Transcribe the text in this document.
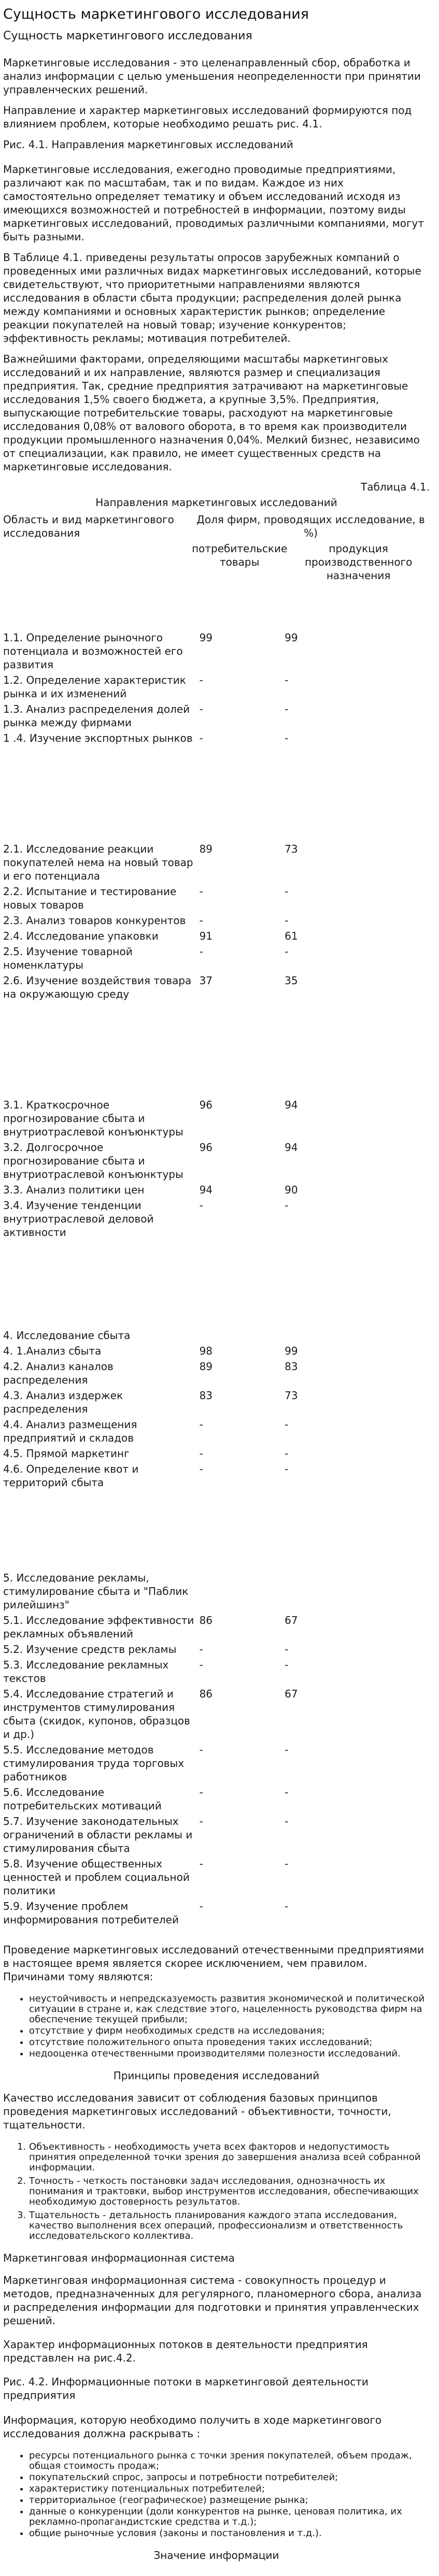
Сущность маркетингового исследования
Сущность маркетингового исследования

Маркетинговые исследования - это целенаправленный сбор, обработка и анализ информации с целью уменьшения неопределенности при принятии управленческих решений.

Направление и характер маркетинговых исследований формируются под влиянием проблем, которые необходимо решать рис. 4.1.

Рис. 4.1. Направления маркетинговых исследований

Маркетинговые исследования, ежегодно проводимые предприятиями, различают как по масштабам, так и по видам. Каждое из них самостоятельно определяет тематику и объем исследований исходя из имеющихся возможностей и потребностей в информации, поэтому виды маркетинговых исследований, проводимых различными компаниями, могут быть разными.

В Таблице 4.1. приведены результаты опросов зарубежных компаний о проведенных ими различных видах маркетинговых исследований, которые свидетельствуют, что приоритетными направлениями являются исследования в области сбыта продукции; распределения долей рынка между компаниями и основных характеристик рынков; определение реакции покупателей на новый товар; изучение конкурентов; эффективность рекламы; мотивация потребителей.

Важнейшими факторами, определяющими масштабы маркетинговых исследований и их направление, являются размер и специализация предприятия. Так, средние предприятия затрачивают на маркетинговые исследования 1,5% своего бюджета, а крупные 3,5%. Предприятия, выпускающие потребительские товары, расходуют на маркетинговые исследования 0,08% от валового оборота, в то время как производители продукции промышленного назначения 0,04%. Мелкий бизнес, независимо от специализации, как правило, не имеет существенных средств на маркетинговые исследования.

Таблица 4.1.
Направления маркетинговых исследований
Область и вид маркетингового исследования	Доля фирм, проводящих исследование, в %)	
	потребительские товары	продукция производственного назначения
1.1. Определение рыночного потенциала и возможностей его развития	99	99
1.2. Определение характеристик рынка и их изменений	-	-
1.3. Анализ распределения долей рынка между фирмами	-	-
1 .4. Изучение экспортных рынков	-	-

2.1. Исследование реакции покупателей нема на новый товар и его потенциала	89	73
2.2. Испытание и тестирование новых товаров	-	-
2.3. Анализ товаров конкурентов	-	-
2.4. Исследование упаковки	91	61
2.5. Изучение товарной номенклатуры	-	-
2.6. Изучение воздействия товара на окружающую среду	37	35

3.1. Краткосрочное прогнозирование сбыта и внутриотраслевой конъюнктуры	96	94
3.2. Долгосрочное прогнозирование сбыта и внутриотраслевой конъюнктуры	96	94
3.3. Анализ политики цен	94	90
3.4. Изучение тенденции внутриотраслевой деловой активности	-	-

4. Исследование сбыта		
4. 1.Анализ сбыта	98	99
4.2. Анализ каналов распределения	89	83
4.3. Анализ издержек распределения	83	73
4.4. Анализ размещения предприятий и складов	-	-
4.5. Прямой маркетинг	-	-
4.6. Определение квот и территорий сбыта	-	-

5. Исследование рекламы, стимулирование сбыта и "Паблик рилейшинз"		
5.1. Исследование эффективности рекламных объявлений	86	67
5.2. Изучение средств рекламы	-	-
5.3. Исследование рекламных текстов	-	-
5.4. Исследование стратегий и инструментов стимулирования сбыта (скидок, купонов, образцов и др.)	86	67
5.5. Исследование методов стимулирования труда торговых работников	-	-
5.6. Исследование потребительских мотиваций	-	-
5.7. Изучение законодательных ограничений в области рекламы и стимулирования сбыта	-	-
5.8. Изучение общественных ценностей и проблем социальной политики	-	-
5.9. Изучение проблем информирования потребителей	-	-

Проведение маркетинговых исследований отечественными предприятиями в настоящее время является скорее исключением, чем правилом. Причинами тому являются:

• неустойчивость и непредсказуемость развития экономической и политической ситуации в стране и, как следствие этого, нацеленность руководства фирм на обеспечение текущей прибыли;
• отсутствие у фирм необходимых средств на исследования;
• отсутствие положительного опыта проведения таких исследований;
• недооценка отечественными производителями полезности исследований.
Принципы проведения исследований

Качество исследования зависит от соблюдения базовых принципов проведения маркетинговых исследований - объективности, точности, тщательности.

1. Объективность - необходимость учета всех факторов и недопустимость принятия определенной точки зрения до завершения анализа всей собранной информации.
2. Точность - четкость постановки задач исследования, однозначность их понимания и трактовки, выбор инструментов исследования, обеспечивающих необходимую достоверность результатов.
3. Тщательность - детальность планирования каждого этапа исследования, качество выполнения всех операций, профессионализм и ответственность исследовательского коллектива.
Маркетинговая информационная система

Маркетинговая информационная система - совокупность процедур и методов, предназначенных для регулярного, планомерного сбора, анализа и распределения информации для подготовки и принятия управленческих решений.

Характер информационных потоков в деятельности предприятия представлен на рис.4.2.

Рис. 4.2. Информационные потоки в маркетинговой деятельности предприятия

Информация, которую необходимо получить в ходе маркетингового исследования должна раскрывать :

• ресурсы потенциального рынка с точки зрения покупателей, объем продаж, общая стоимость продаж;
• покупательский спрос, запросы и потребности потребителей;
• характеристику потенциальных потребителей;
• территориальное (географическое) размещение рынка;
• данные о конкуренции (доли конкурентов на рынке, ценовая политика, их рекламно-пропагандистские средства и т.д.);
• общие рыночные условия (законы и постановления и т.д.).
Значение информации
